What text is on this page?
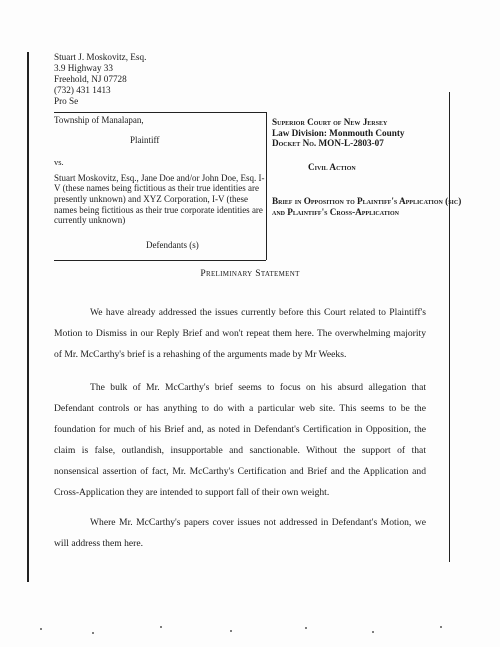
Stuart J. Moskovitz, Esq.
3.9 Highway 33
Freehold, NJ 07728
(732) 431 1413
Pro Se
Township of Manalapan,
Plaintiff
vs.
Stuart Moskovitz, Esq., Jane Doe and/or John Doe, Esq. I-V (these names being fictitious as their true identities are presently unknown) and XYZ Corporation, I-V (these names being fictitious as their true corporate identities are currently unknown)
Defendants (s)
Superior Court of New Jersey
Law Division: Monmouth County
Docket No. MON-L-2803-07
Civil Action
Brief in Opposition to Plaintiff's Application (sic) and Plaintiff's Cross-Application
Preliminary Statement
We have already addressed the issues currently before this Court related to Plaintiff's Motion to Dismiss in our Reply Brief and won't repeat them here. The overwhelming majority of Mr. McCarthy's brief is a rehashing of the arguments made by Mr Weeks.
The bulk of Mr. McCarthy's brief seems to focus on his absurd allegation that Defendant controls or has anything to do with a particular web site. This seems to be the foundation for much of his Brief and, as noted in Defendant's Certification in Opposition, the claim is false, outlandish, insupportable and sanctionable. Without the support of that nonsensical assertion of fact, Mr. McCarthy's Certification and Brief and the Application and Cross-Application they are intended to support fall of their own weight.
Where Mr. McCarthy's papers cover issues not addressed in Defendant's Motion, we will address them here.
